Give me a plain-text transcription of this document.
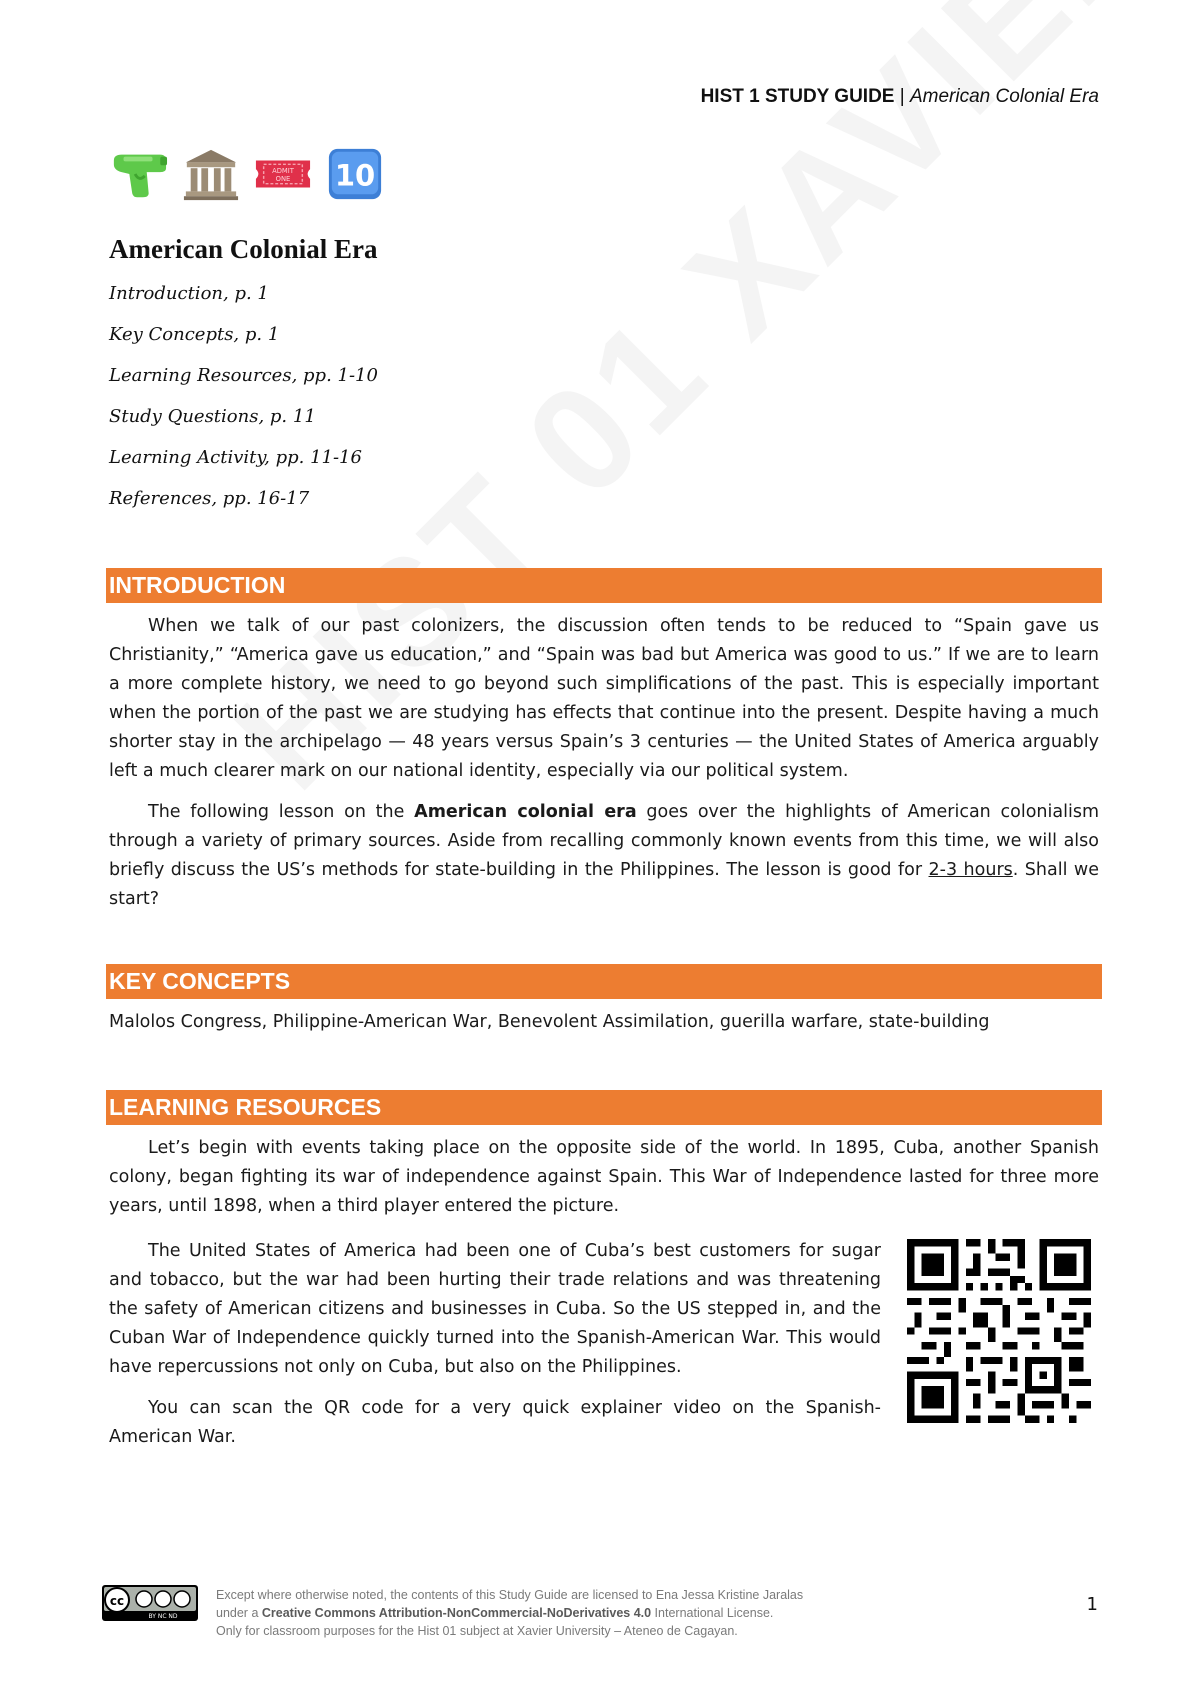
HIST 1 STUDY GUIDE | American Colonial Era
ADMIT
ONE 10
American Colonial Era
Introduction, p. 1
Key Concepts, p. 1
Learning Resources, pp. 1-10
Study Questions, p. 11
Learning Activity, pp. 11-16
References, pp. 16-17
INTRODUCTION

When we talk of our past colonizers, the discussion often tends to be reduced to “Spain gave us Christianity,” “America gave us education,” and “Spain was bad but America was good to us.” If we are to learn a more complete history, we need to go beyond such simplifications of the past. This is especially important when the portion of the past we are studying has effects that continue into the present. Despite having a much shorter stay in the archipelago — 48 years versus Spain’s 3 centuries — the United States of America arguably left a much clearer mark on our national identity, especially via our political system.

The following lesson on the American colonial era goes over the highlights of American colonialism through a variety of primary sources. Aside from recalling commonly known events from this time, we will also briefly discuss the US’s methods for state-building in the Philippines. The lesson is good for 2-3 hours. Shall we start?

KEY CONCEPTS

Malolos Congress, Philippine-American War, Benevolent Assimilation, guerilla warfare, state-building

LEARNING RESOURCES

Let’s begin with events taking place on the opposite side of the world. In 1895, Cuba, another Spanish colony, began fighting its war of independence against Spain. This War of Independence lasted for three more years, until 1898, when a third player entered the picture.

The United States of America had been one of Cuba’s best customers for sugar and tobacco, but the war had been hurting their trade relations and was threatening the safety of American citizens and businesses in Cuba. So the US stepped in, and the Cuban War of Independence quickly turned into the Spanish-American War. This would have repercussions not only on Cuba, but also on the Philippines.

You can scan the QR code for a very quick explainer video on the Spanish-American War.

cc
BY NC ND
Except where otherwise noted, the contents of this Study Guide are licensed to Ena Jessa Kristine Jaralas
under a Creative Commons Attribution-NonCommercial-NoDerivatives 4.0 International License.
Only for classroom purposes for the Hist 01 subject at Xavier University – Ateneo de Cagayan.
1
